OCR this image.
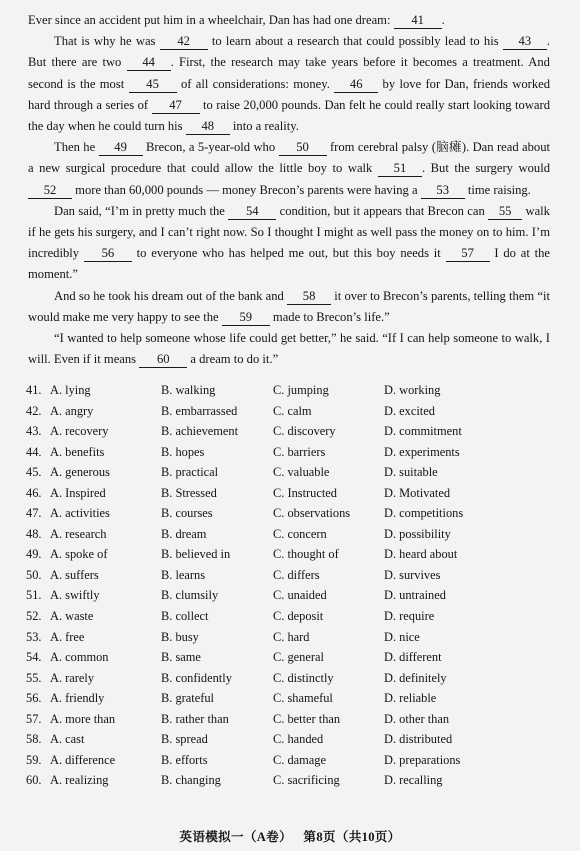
Ever since an accident put him in a wheelchair, Dan has had one dream: 41 .

That is why he was 42 to learn about a research that could possibly lead to his 43 . But there are two 44 . First, the research may take years before it becomes a treatment. And second is the most 45 of all considerations: money. 46 by love for Dan, friends worked hard through a series of 47 to raise 20,000 pounds. Dan felt he could really start looking toward the day when he could turn his 48 into a reality.

Then he 49 Brecon, a 5-year-old who 50 from cerebral palsy (脑瘫). Dan read about a new surgical procedure that could allow the little boy to walk 51 . But the surgery would 52 more than 60,000 pounds — money Brecon’s parents were having a 53 time raising.

Dan said, “I’m in pretty much the 54 condition, but it appears that Brecon can 55 walk if he gets his surgery, and I can’t right now. So I thought I might as well pass the money on to him. I’m incredibly 56 to everyone who has helped me out, but this boy needs it 57 I do at the moment.”

And so he took his dream out of the bank and 58 it over to Brecon’s parents, telling them “it would make me very happy to see the 59 made to Brecon’s life.”

“I wanted to help someone whose life could get better,” he said. “If I can help someone to walk, I will. Even if it means 60 a dream to do it.”

41. A. lying	B. walking	C. jumping	D. working
42. A. angry	B. embarrassed	C. calm	D. excited
43. A. recovery	B. achievement	C. discovery	D. commitment
44. A. benefits	B. hopes	C. barriers	D. experiments
45. A. generous	B. practical	C. valuable	D. suitable
46. A. Inspired	B. Stressed	C. Instructed	D. Motivated
47. A. activities	B. courses	C. observations	D. competitions
48. A. research	B. dream	C. concern	D. possibility
49. A. spoke of	B. believed in	C. thought of	D. heard about
50. A. suffers	B. learns	C. differs	D. survives
51. A. swiftly	B. clumsily	C. unaided	D. untrained
52. A. waste	B. collect	C. deposit	D. require
53. A. free	B. busy	C. hard	D. nice
54. A. common	B. same	C. general	D. different
55. A. rarely	B. confidently	C. distinctly	D. definitely
56. A. friendly	B. grateful	C. shameful	D. reliable
57. A. more than	B. rather than	C. better than	D. other than
58. A. cast	B. spread	C. handed	D. distributed
59. A. difference	B. efforts	C. damage	D. preparations
60. A. realizing	B. changing	C. sacrificing	D. recalling
英语模拟一（A卷） 第8页（共10页）
